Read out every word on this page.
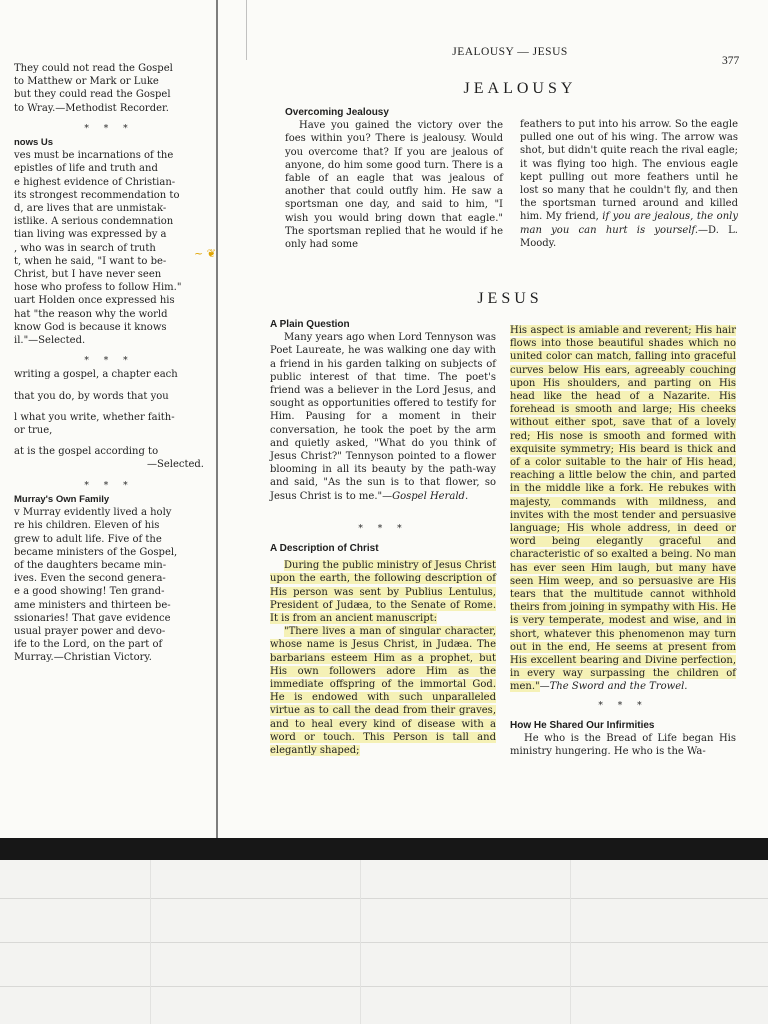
They could not read the Gospel
to Matthew or Mark or Luke
but they could read the Gospel
to Wray.—Methodist Recorder.

* * *

nows Us

ves must be incarnations of the
epistles of life and truth and
e highest evidence of Christian-
its strongest recommendation to
d, are lives that are unmistak-
istlike. A serious condemnation
tian living was expressed by a
, who was in search of truth
t, when he said, "I want to be-
Christ, but I have never seen
hose who profess to follow Him."
uart Holden once expressed his
hat "the reason why the world
know God is because it knows
il."—Selected.

* * *

writing a gospel, a chapter each
that you do, by words that you
l what you write, whether faith-
or true,
at is the gospel according to
—Selected.

* * *

Murray's Own Family

v Murray evidently lived a holy
re his children. Eleven of his
grew to adult life. Five of the
became ministers of the Gospel,
of the daughters became min-
ives. Even the second genera-
e a good showing! Ten grand-
ame ministers and thirteen be-
ssionaries! That gave evidence
usual prayer power and devo-
ife to the Lord, on the part of
Murray.—Christian Victory.
~ ❦
JEALOUSY — JESUS
377
JEALOUSY

Overcoming Jealousy

Have you gained the victory over the foes within you? There is jealousy. Would you overcome that? If you are jealous of anyone, do him some good turn. There is a fable of an eagle that was jealous of another that could outfly him. He saw a sportsman one day, and said to him, "I wish you would bring down that eagle." The sportsman replied that he would if he only had some

feathers to put into his arrow. So the eagle pulled one out of his wing. The arrow was shot, but didn't quite reach the rival eagle; it was flying too high. The envious eagle kept pulling out more feathers until he lost so many that he couldn't fly, and then the sportsman turned around and killed him. My friend, if you are jealous, the only man you can hurt is yourself.—D. L. Moody.

JESUS

A Plain Question

Many years ago when Lord Tennyson was Poet Laureate, he was walking one day with a friend in his garden talking on subjects of public interest of that time. The poet's friend was a believer in the Lord Jesus, and sought as opportunities offered to testify for Him. Pausing for a moment in their conversation, he took the poet by the arm and quietly asked, "What do you think of Jesus Christ?" Tennyson pointed to a flower blooming in all its beauty by the path-way and said, "As the sun is to that flower, so Jesus Christ is to me."—Gospel Herald.

* * *

A Description of Christ

During the public ministry of Jesus Christ upon the earth, the following description of His person was sent by Publius Lentulus, President of Judæa, to the Senate of Rome. It is from an ancient manuscript:

"There lives a man of singular character, whose name is Jesus Christ, in Judæa. The barbarians esteem Him as a prophet, but His own followers adore Him as the immediate offspring of the immortal God. He is endowed with such unparalleled virtue as to call the dead from their graves, and to heal every kind of disease with a word or touch. This Person is tall and elegantly shaped;

His aspect is amiable and reverent; His hair flows into those beautiful shades which no united color can match, falling into graceful curves below His ears, agreeably couching upon His shoulders, and parting on His head like the head of a Nazarite. His forehead is smooth and large; His cheeks without either spot, save that of a lovely red; His nose is smooth and formed with exquisite symmetry; His beard is thick and of a color suitable to the hair of His head, reaching a little below the chin, and parted in the middle like a fork. He rebukes with majesty, commands with mildness, and invites with the most tender and persuasive language; His whole address, in deed or word being elegantly graceful and characteristic of so exalted a being. No man has ever seen Him laugh, but many have seen Him weep, and so persuasive are His tears that the multitude cannot withhold theirs from joining in sympathy with His. He is very temperate, modest and wise, and in short, whatever this phenomenon may turn out in the end, He seems at present from His excellent bearing and Divine perfection, in every way surpassing the children of men."—The Sword and the Trowel.

* * *

How He Shared Our Infirmities

He who is the Bread of Life began His ministry hungering. He who is the Wa-
